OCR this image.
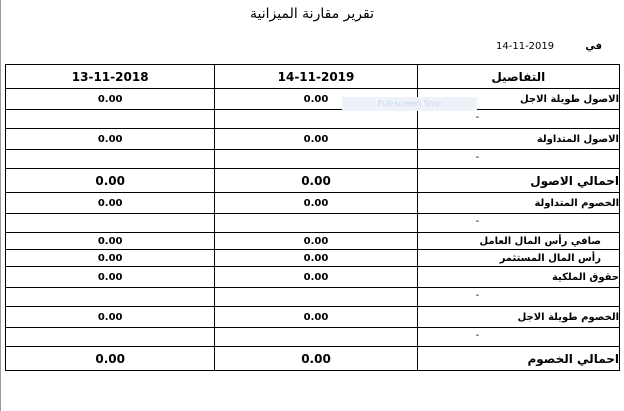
تقرير مقارنة الميزانية
في 14-11-2019
التفاصيل	14-11-2019	13-11-2018
الاصول طويلة الاجل	0.00	0.00

-		

الاصول المتداولة	0.00	0.00

-		

احمالي الاصول	0.00	0.00
الخصوم المتداولة	0.00	0.00

-		

صافي رأس المال العامل	0.00	0.00
رأس المال المستثمر	0.00	0.00
حقوق الملكية	0.00	0.00

-		

الخصوم طويلة الاجل	0.00	0.00

-		

احمالي الخصوم	0.00	0.00
Full-screen Snip
